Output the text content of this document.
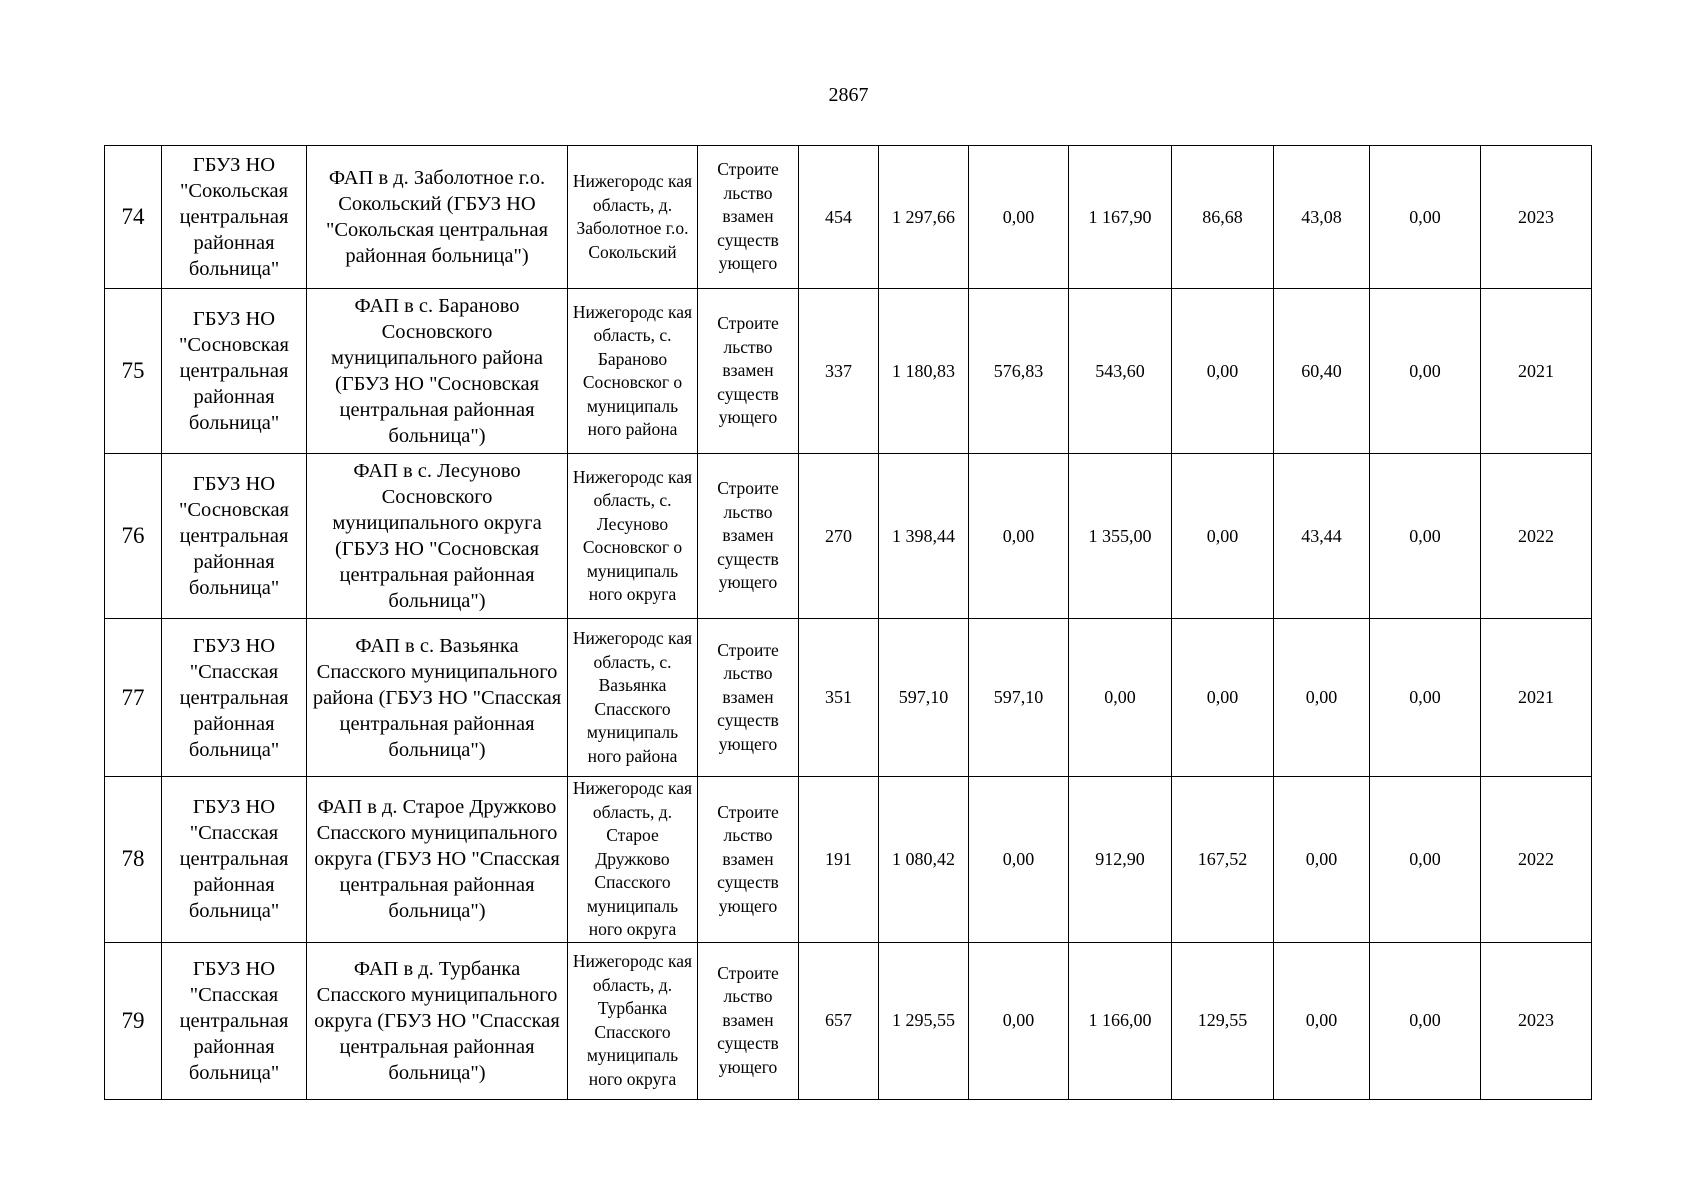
2867
74	ГБУЗ НО "Сокольская центральная районная больница"	ФАП в д. Заболотное г.о. Сокольский (ГБУЗ НО "Сокольская центральная районная больница")	Нижегородс кая область, д. Заболотное г.о. Сокольский	Строите льство взамен существ ующего	454	1 297,66	0,00	1 167,90	86,68	43,08	0,00	2023
75	ГБУЗ НО "Сосновская центральная районная больница"	ФАП в с. Бараново Сосновского муниципального района (ГБУЗ НО "Сосновская центральная районная больница")	Нижегородс кая область, с. Бараново Сосновског о муниципаль ного района	Строите льство взамен существ ующего	337	1 180,83	576,83	543,60	0,00	60,40	0,00	2021
76	ГБУЗ НО "Сосновская центральная районная больница"	ФАП в с. Лесуново Сосновского муниципального округа (ГБУЗ НО "Сосновская центральная районная больница")	Нижегородс кая область, с. Лесуново Сосновског о муниципаль ного округа	Строите льство взамен существ ующего	270	1 398,44	0,00	1 355,00	0,00	43,44	0,00	2022
77	ГБУЗ НО "Спасская центральная районная больница"	ФАП в с. Вазьянка Спасского муниципального района (ГБУЗ НО "Спасская центральная районная больница")	Нижегородс кая область, с. Вазьянка Спасского муниципаль ного района	Строите льство взамен существ ующего	351	597,10	597,10	0,00	0,00	0,00	0,00	2021
78	ГБУЗ НО "Спасская центральная районная больница"	ФАП в д. Старое Дружково Спасского муниципального округа (ГБУЗ НО "Спасская центральная районная больница")	Нижегородс кая область, д. Старое Дружково Спасского муниципаль ного округа	Строите льство взамен существ ующего	191	1 080,42	0,00	912,90	167,52	0,00	0,00	2022
79	ГБУЗ НО "Спасская центральная районная больница"	ФАП в д. Турбанка Спасского муниципального округа (ГБУЗ НО "Спасская центральная районная больница")	Нижегородс кая область, д. Турбанка Спасского муниципаль ного округа	Строите льство взамен существ ующего	657	1 295,55	0,00	1 166,00	129,55	0,00	0,00	2023
